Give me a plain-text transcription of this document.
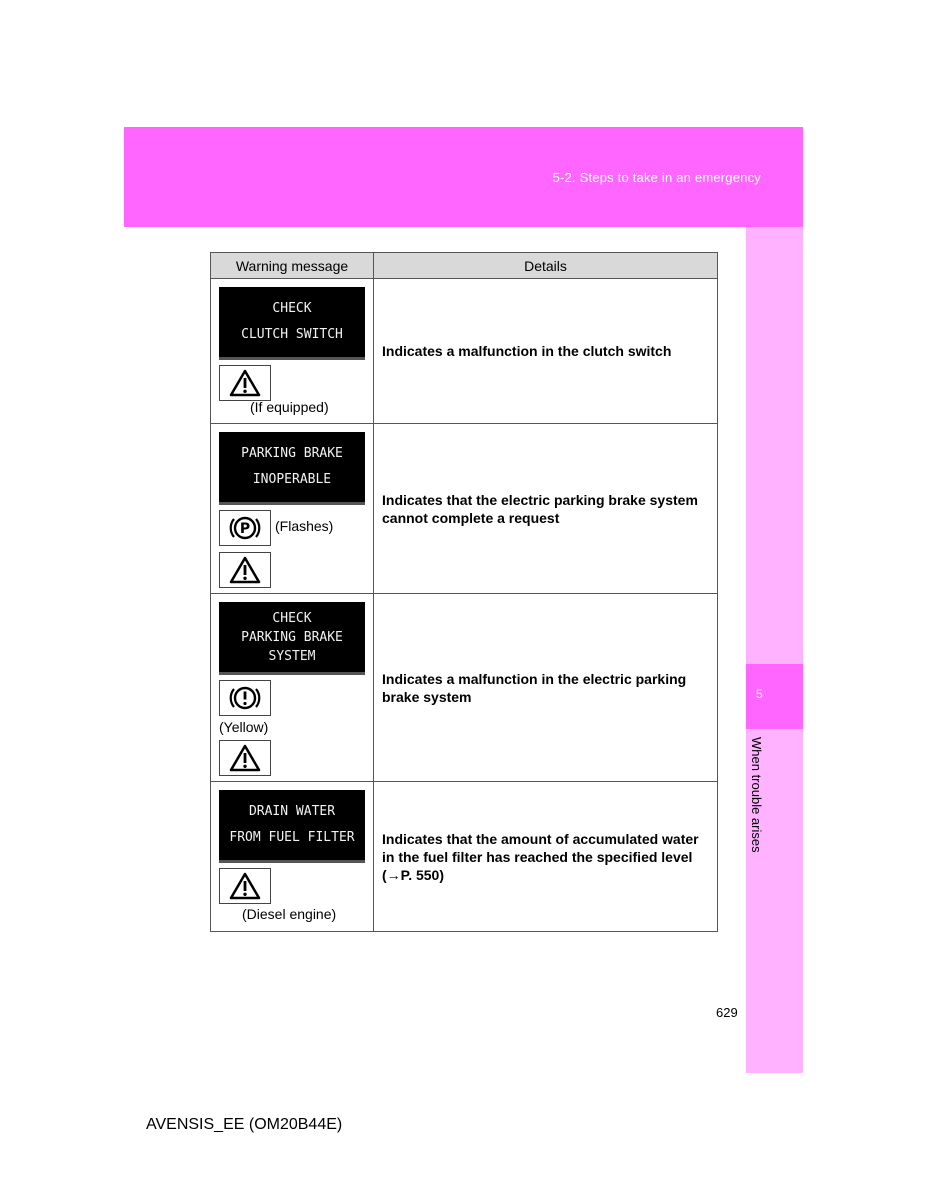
5-2. Steps to take in an emergency
5
When trouble arises
Warning message	Details

CHECK
CLUTCH SWITCH
(If equipped)	Indicates a malfunction in the clutch switch

PARKING BRAKE
INOPERABLE
P (Flashes)	Indicates that the electric parking brake system cannot complete a request

CHECK
PARKING BRAKE
SYSTEM
(Yellow)	Indicates a malfunction in the electric parking brake system

DRAIN WATER
FROM FUEL FILTER
(Diesel engine)	Indicates that the amount of accumulated water in the fuel filter has reached the specified level (→P. 550)
629
AVENSIS_EE (OM20B44E)
